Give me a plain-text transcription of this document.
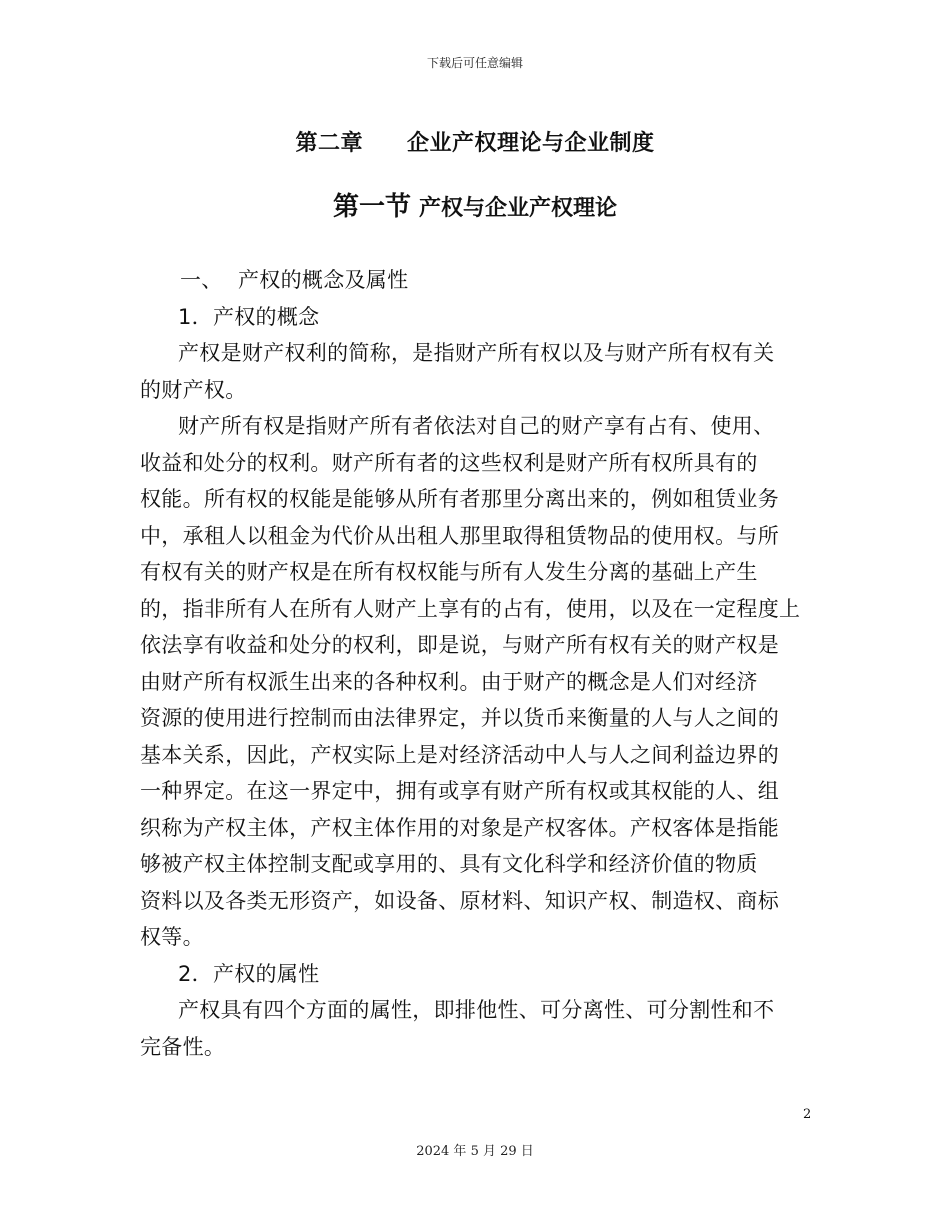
下载后可任意编辑
第二章 企业产权理论与企业制度
第一节 产权与企业产权理论
一、 产权的概念及属性
1．产权的概念
产权是财产权利的简称，是指财产所有权以及与财产所有权有关
的财产权。
财产所有权是指财产所有者依法对自己的财产享有占有、使用、
收益和处分的权利。财产所有者的这些权利是财产所有权所具有的
权能。所有权的权能是能够从所有者那里分离出来的，例如租赁业务
中，承租人以租金为代价从出租人那里取得租赁物品的使用权。与所
有权有关的财产权是在所有权权能与所有人发生分离的基础上产生
的，指非所有人在所有人财产上享有的占有，使用，以及在一定程度上
依法享有收益和处分的权利，即是说，与财产所有权有关的财产权是
由财产所有权派生出来的各种权利。由于财产的概念是人们对经济
资源的使用进行控制而由法律界定，并以货币来衡量的人与人之间的
基本关系，因此，产权实际上是对经济活动中人与人之间利益边界的
一种界定。在这一界定中，拥有或享有财产所有权或其权能的人、组
织称为产权主体，产权主体作用的对象是产权客体。产权客体是指能
够被产权主体控制支配或享用的、具有文化科学和经济价值的物质
资料以及各类无形资产，如设备、原材料、知识产权、制造权、商标
权等。
2．产权的属性
产权具有四个方面的属性，即排他性、可分离性、可分割性和不
完备性。
2
2024 年 5 月 29 日
